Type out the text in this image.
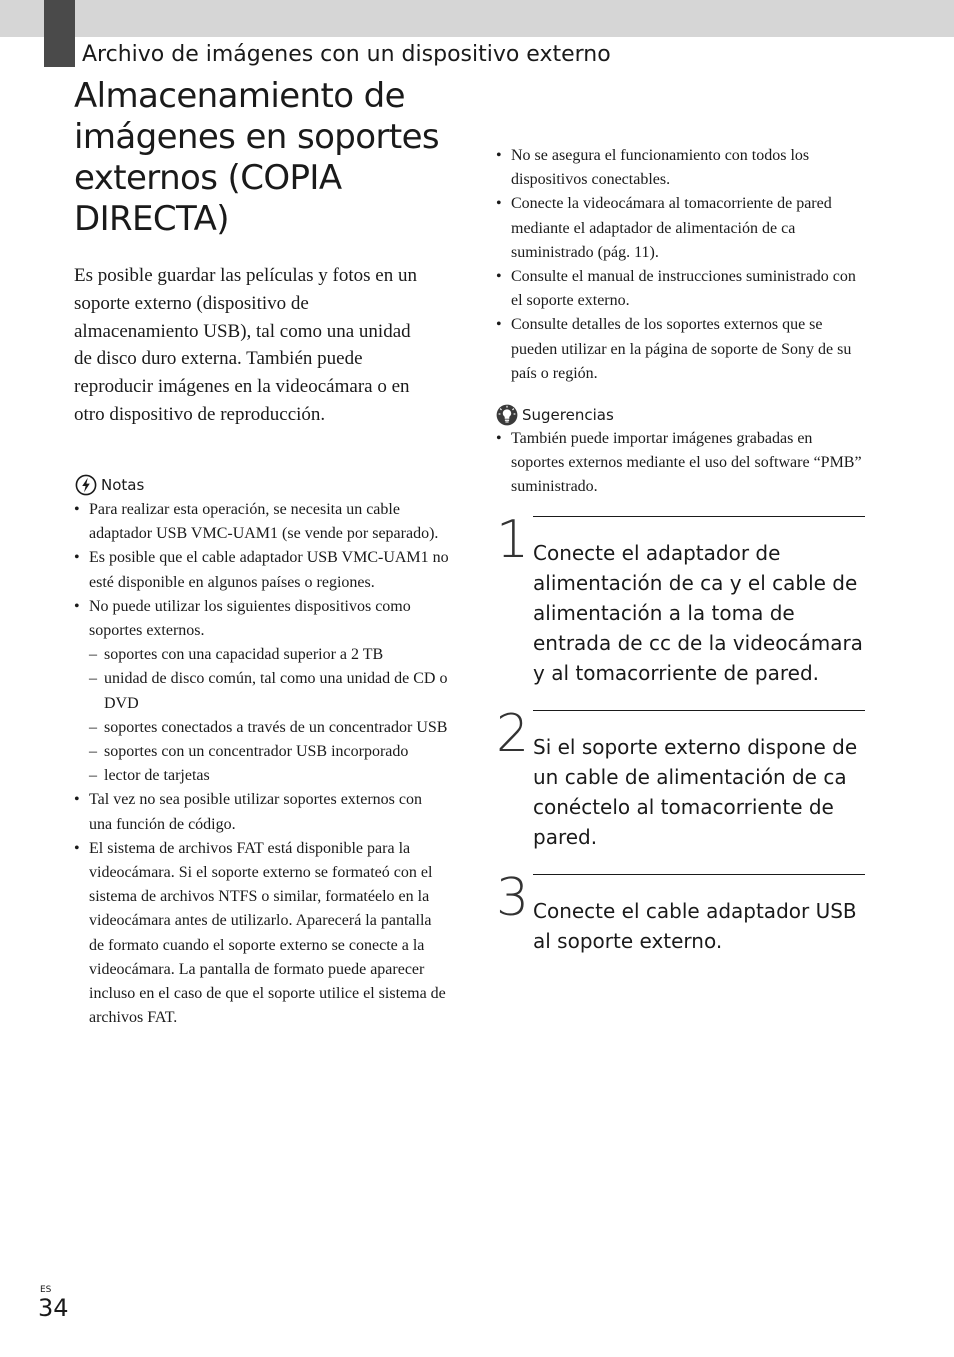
Archivo de imágenes con un dispositivo externo
Almacenamiento de imágenes en soportes externos (COPIA DIRECTA)

Es posible guardar las películas y fotos en un soporte externo (dispositivo de almacenamiento USB), tal como una unidad de disco duro externa. También puede reproducir imágenes en la videocámara o en otro dispositivo de reproducción.

Notas
• Para realizar esta operación, se necesita un cable adaptador USB VMC-UAM1 (se vende por separado).
• Es posible que el cable adaptador USB VMC-UAM1 no esté disponible en algunos países o regiones.
• No puede utilizar los siguientes dispositivos como soportes externos.
– soportes con una capacidad superior a 2 TB
– unidad de disco común, tal como una unidad de CD o DVD
– soportes conectados a través de un concentrador USB
– soportes con un concentrador USB incorporado
– lector de tarjetas
• Tal vez no sea posible utilizar soportes externos con una función de código.
• El sistema de archivos FAT está disponible para la videocámara. Si el soporte externo se formateó con el sistema de archivos NTFS o similar, formatéelo en la videocámara antes de utilizarlo. Aparecerá la pantalla de formato cuando el soporte externo se conecte a la videocámara. La pantalla de formato puede aparecer incluso en el caso de que el soporte utilice el sistema de archivos FAT.
• No se asegura el funcionamiento con todos los dispositivos conectables.
• Conecte la videocámara al tomacorriente de pared mediante el adaptador de alimentación de ca suministrado (pág. 11).
• Consulte el manual de instrucciones suministrado con el soporte externo.
• Consulte detalles de los soportes externos que se pueden utilizar en la página de soporte de Sony de su país o región.
Sugerencias
• También puede importar imágenes grabadas en soportes externos mediante el uso del software “PMB” suministrado.
1 Conecte el adaptador de alimentación de ca y el cable de alimentación a la toma de entrada de cc de la videocámara y al tomacorriente de pared.

2 Si el soporte externo dispone de un cable de alimentación de ca conéctelo al tomacorriente de pared.

3 Conecte el cable adaptador USB al soporte externo.

ES
34
